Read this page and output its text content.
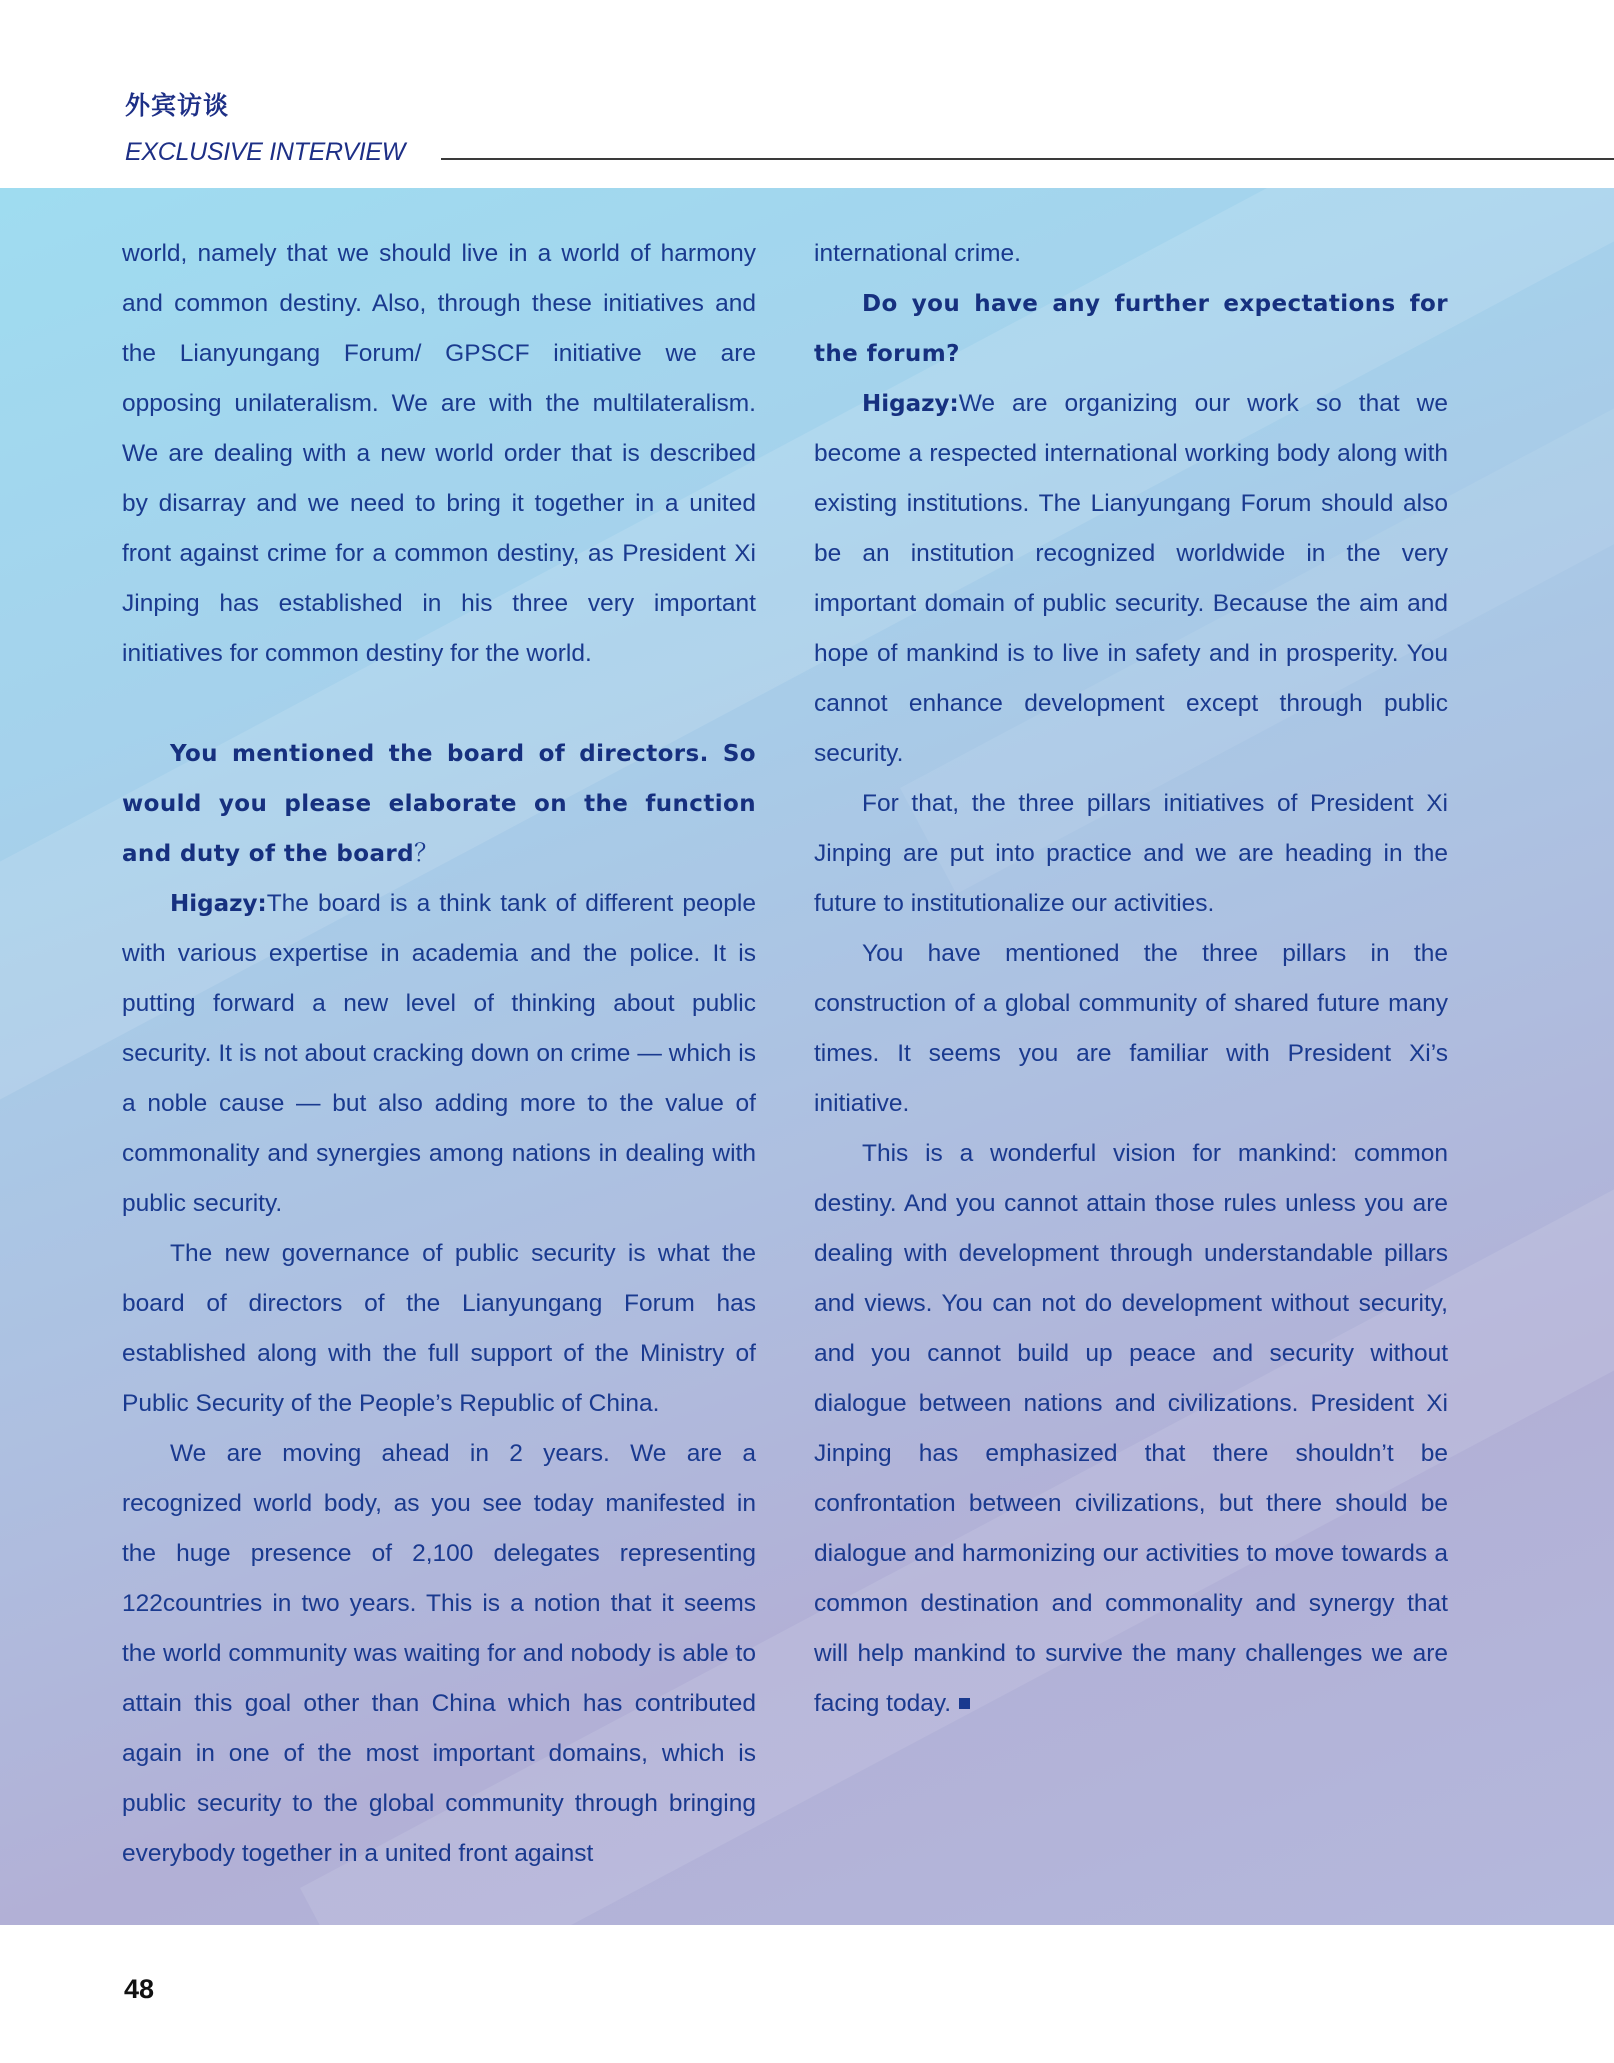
外宾访谈
EXCLUSIVE INTERVIEW

world, namely that we should live in a world of harmony and common destiny. Also, through these initiatives and the Lianyungang Forum/ GPSCF initiative we are opposing unilateralism. We are with the multilateralism. We are dealing with a new world order that is described by disarray and we need to bring it together in a united front against crime for a common destiny, as President Xi Jinping has established in his three very important initiatives for common destiny for the world.

You mentioned the board of directors. So would you please elaborate on the function and duty of the board？

Higazy:The board is a think tank of different people with various expertise in academia and the police. It is putting forward a new level of thinking about public security. It is not about cracking down on crime — which is a noble cause — but also adding more to the value of commonality and synergies among nations in dealing with public security.

The new governance of public security is what the board of directors of the Lianyungang Forum has established along with the full support of the Ministry of Public Security of the People’s Republic of China.

We are moving ahead in 2 years. We are a recognized world body, as you see today manifested in the huge presence of 2,100 delegates representing 122countries in two years. This is a notion that it seems the world community was waiting for and nobody is able to attain this goal other than China which has contributed again in one of the most important domains, which is public security to the global community through bringing everybody together in a united front against

international crime.

Do you have any further expectations for the forum?

Higazy:We are organizing our work so that we become a respected international working body along with existing institutions. The Lianyungang Forum should also be an institution recognized worldwide in the very important domain of public security. Because the aim and hope of mankind is to live in safety and in prosperity. You cannot enhance development except through public security.

For that, the three pillars initiatives of President Xi Jinping are put into practice and we are heading in the future to institutionalize our activities.

You have mentioned the three pillars in the construction of a global community of shared future many times. It seems you are familiar with President Xi’s initiative.

This is a wonderful vision for mankind: common destiny. And you cannot attain those rules unless you are dealing with development through understandable pillars and views. You can not do development without security, and you cannot build up peace and security without dialogue between nations and civilizations. President Xi Jinping has emphasized that there shouldn’t be confrontation between civilizations, but there should be dialogue and harmonizing our activities to move towards a common destination and commonality and synergy that will help mankind to survive the many challenges we are facing today.

48
